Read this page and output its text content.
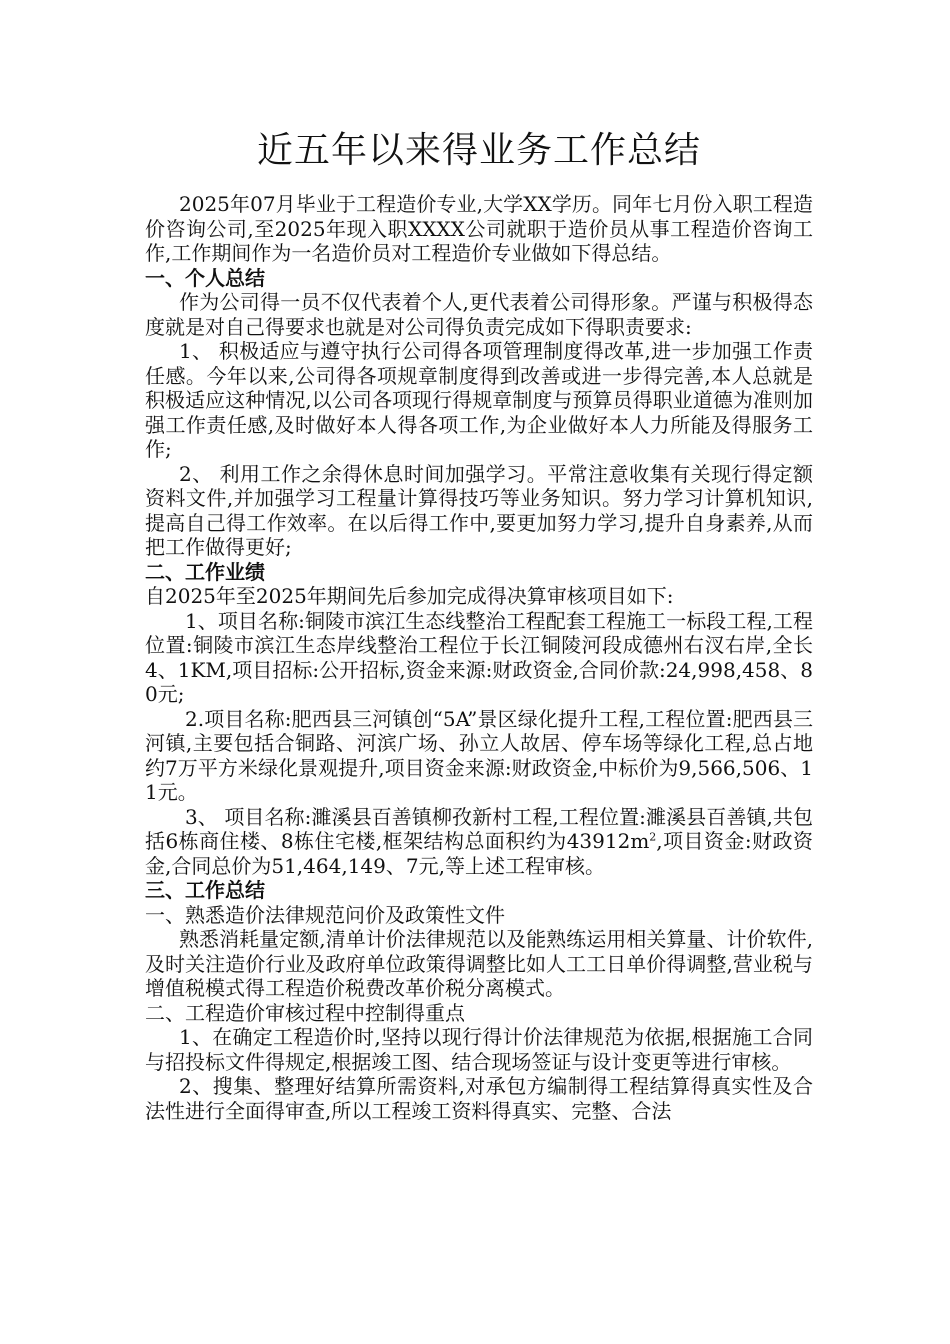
近五年以来得业务工作总结

2025年07月毕业于工程造价专业,大学XX学历。同年七月份入职工程造价咨询公司,至2025年现入职XXXX公司就职于造价员从事工程造价咨询工作,工作期间作为一名造价员对工程造价专业做如下得总结。

一、个人总结

作为公司得一员不仅代表着个人,更代表着公司得形象。严谨与积极得态度就是对自己得要求也就是对公司得负责完成如下得职责要求:

1、 积极适应与遵守执行公司得各项管理制度得改革,进一步加强工作责任感。今年以来,公司得各项规章制度得到改善或进一步得完善,本人总就是积极适应这种情况,以公司各项现行得规章制度与预算员得职业道德为准则加强工作责任感,及时做好本人得各项工作,为企业做好本人力所能及得服务工作;

2、 利用工作之余得休息时间加强学习。平常注意收集有关现行得定额资料文件,并加强学习工程量计算得技巧等业务知识。努力学习计算机知识,提高自己得工作效率。在以后得工作中,要更加努力学习,提升自身素养,从而把工作做得更好;

二、工作业绩

自2025年至2025年期间先后参加完成得决算审核项目如下:

1、项目名称:铜陵市滨江生态线整治工程配套工程施工一标段工程,工程位置:铜陵市滨江生态岸线整治工程位于长江铜陵河段成德州右汊右岸,全长4、1KM,项目招标:公开招标,资金来源:财政资金,合同价款:24,998,458、80元;

2.项目名称:肥西县三河镇创“5A”景区绿化提升工程,工程位置:肥西县三河镇,主要包括合铜路、河滨广场、孙立人故居、停车场等绿化工程,总占地约7万平方米绿化景观提升,项目资金来源:财政资金,中标价为9,566,506、11元。

3、 项目名称:濉溪县百善镇柳孜新村工程,工程位置:濉溪县百善镇,共包括6栋商住楼、8栋住宅楼,框架结构总面积约为$43912m^2$,项目资金:财政资金,合同总价为51,464,149、7元,等上述工程审核。

三、工作总结

一、熟悉造价法律规范问价及政策性文件

熟悉消耗量定额,清单计价法律规范以及能熟练运用相关算量、计价软件,及时关注造价行业及政府单位政策得调整比如人工工日单价得调整,营业税与增值税模式得工程造价税费改革价税分离模式。

二、工程造价审核过程中控制得重点

1、在确定工程造价时,坚持以现行得计价法律规范为依据,根据施工合同与招投标文件得规定,根据竣工图、结合现场签证与设计变更等进行审核。

2、搜集、整理好结算所需资料,对承包方编制得工程结算得真实性及合法性进行全面得审查,所以工程竣工资料得真实、完整、合法
